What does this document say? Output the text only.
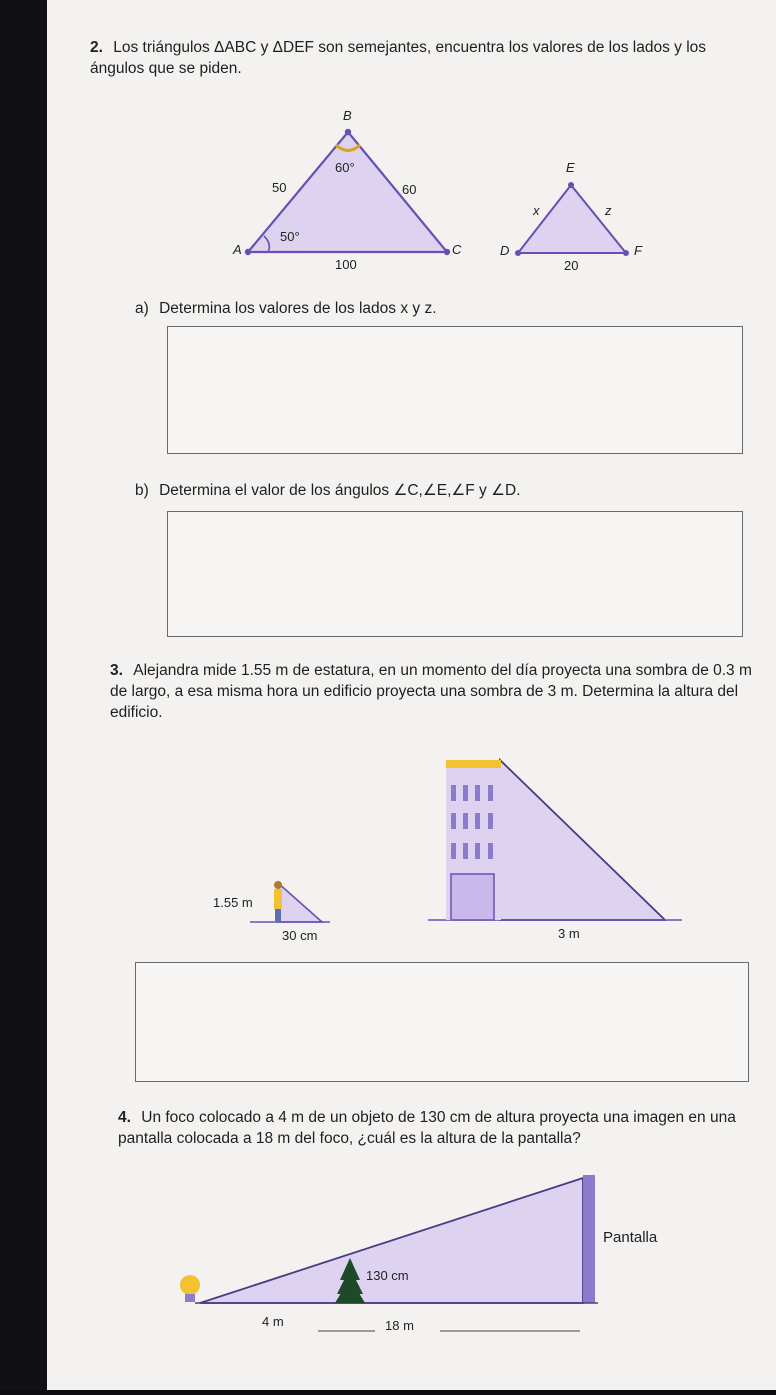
2. Los triángulos ΔABC y ΔDEF son semejantes, encuentra los valores de los lados y los ángulos que se piden.
B
60°
50	60
50°
A	C
100
E
x	z
D	F
20
a) Determina los valores de los lados x y z.
b) Determina el valor de los ángulos ∠C,∠E,∠F y ∠D.
3. Alejandra mide 1.55 m de estatura, en un momento del día proyecta una sombra de 0.3 m de largo, a esa misma hora un edificio proyecta una sombra de 3 m. Determina la altura del edificio.
1.55 m
30 cm	3 m
4. Un foco colocado a 4 m de un objeto de 130 cm de altura proyecta una imagen en una pantalla colocada a 18 m del foco, ¿cuál es la altura de la pantalla?
Pantalla
130 cm
4 m	18 m
